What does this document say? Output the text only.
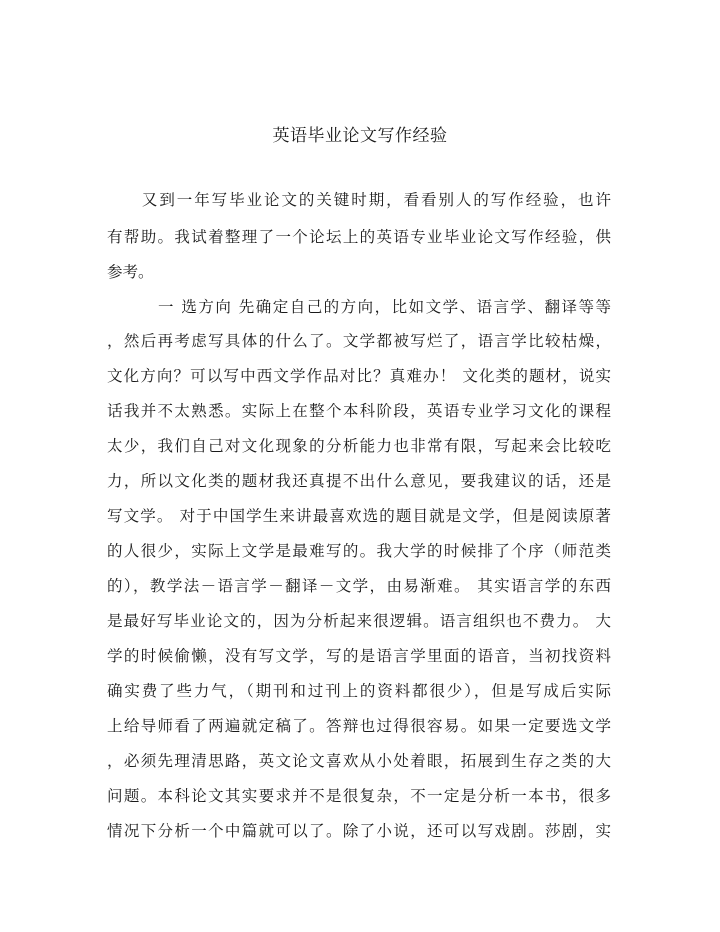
英语毕业论文写作经验
　　又到一年写毕业论文的关键时期，看看别人的写作经验，也许
有帮助。我试着整理了一个论坛上的英语专业毕业论文写作经验，供
参考。
　　　一 选方向 先确定自己的方向，比如文学、语言学、翻译等等
，然后再考虑写具体的什么了。文学都被写烂了，语言学比较枯燥，
文化方向？可以写中西文学作品对比？真难办！ 文化类的题材，说实
话我并不太熟悉。实际上在整个本科阶段，英语专业学习文化的课程
太少，我们自己对文化现象的分析能力也非常有限，写起来会比较吃
力，所以文化类的题材我还真提不出什么意见，要我建议的话，还是
写文学。 对于中国学生来讲最喜欢选的题目就是文学，但是阅读原著
的人很少，实际上文学是最难写的。我大学的时候排了个序（师范类
的），教学法－语言学－翻译－文学，由易渐难。 其实语言学的东西
是最好写毕业论文的，因为分析起来很逻辑。语言组织也不费力。 大
学的时候偷懒，没有写文学，写的是语言学里面的语音，当初找资料
确实费了些力气，（期刊和过刊上的资料都很少），但是写成后实际
上给导师看了两遍就定稿了。答辩也过得很容易。如果一定要选文学
，必须先理清思路，英文论文喜欢从小处着眼，拓展到生存之类的大
问题。本科论文其实要求并不是很复杂，不一定是分析一本书，很多
情况下分析一个中篇就可以了。除了小说，还可以写戏剧。莎剧，实
